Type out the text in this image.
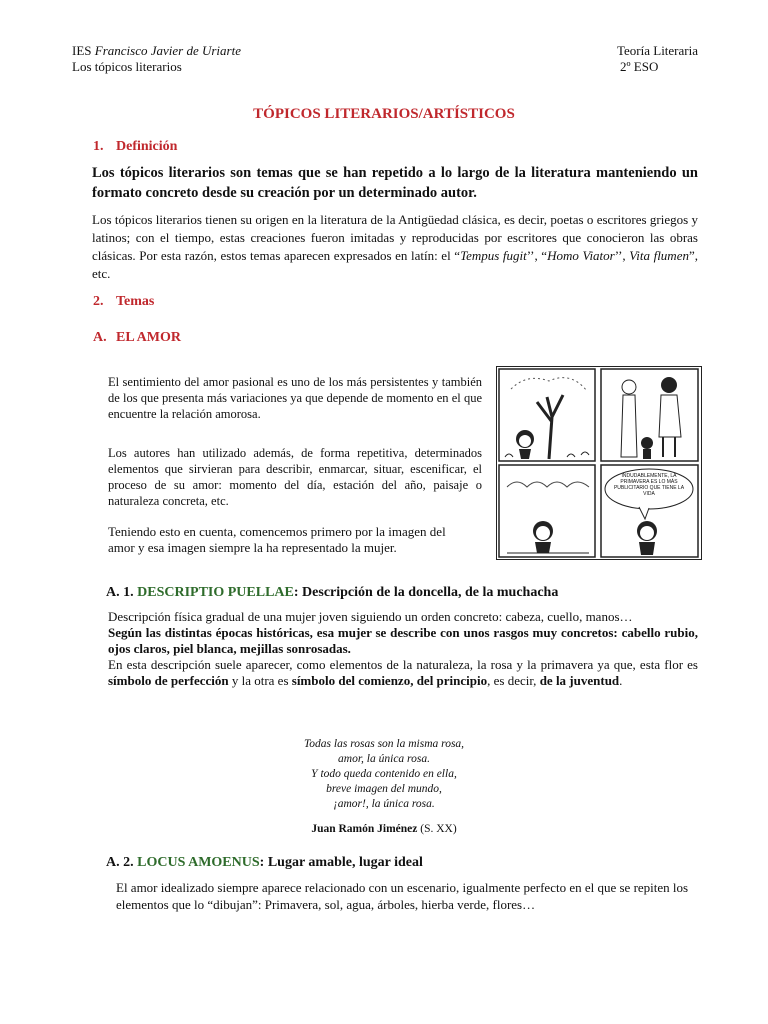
IES Francisco Javier de Uriarte
Los tópicos literarios
Teoría Literaria
2º ESO
TÓPICOS LITERARIOS/ARTÍSTICOS
1. Definición
Los tópicos literarios son temas que se han repetido a lo largo de la literatura manteniendo un formato concreto desde su creación por un determinado autor.
Los tópicos literarios tienen su origen en la literatura de la Antigüedad clásica, es decir, poetas o escritores griegos y latinos; con el tiempo, estas creaciones fueron imitadas y reproducidas por escritores que conocieron las obras clásicas. Por esta razón, estos temas aparecen expresados en latín: el “Tempus fugit’’, “Homo Viator’’, Vita flumen”, etc.
2. Temas
A. EL AMOR
El sentimiento del amor pasional es uno de los más persistentes y también de los que presenta más variaciones ya que depende de momento en el que encuentre la relación amorosa.
Los autores han utilizado además, de forma repetitiva, determinados elementos que sirvieran para describir, enmarcar, situar, escenificar, el proceso de su amor: momento del día, estación del año, paisaje o naturaleza concreta, etc.
Teniendo esto en cuenta, comencemos primero por la imagen del amor y esa imagen siempre la ha representado la mujer.
INDUDABLEMENTE, LA PRIMAVERA ES LO MÁS PUBLICITARIO QUE TIENE LA VIDA
A. 1. DESCRIPTIO PUELLAE: Descripción de la doncella, de la muchacha
Descripción física gradual de una mujer joven siguiendo un orden concreto: cabeza, cuello, manos…
Según las distintas épocas históricas, esa mujer se describe con unos rasgos muy concretos: cabello rubio, ojos claros, piel blanca, mejillas sonrosadas.
En esta descripción suele aparecer, como elementos de la naturaleza, la rosa y la primavera ya que, esta flor es símbolo de perfección y la otra es símbolo del comienzo, del principio, es decir, de la juventud.
Todas las rosas son la misma rosa,
amor, la única rosa.
Y todo queda contenido en ella,
breve imagen del mundo,
¡amor!, la única rosa.
Juan Ramón Jiménez (S. XX)
A. 2. LOCUS AMOENUS: Lugar amable, lugar ideal
El amor idealizado siempre aparece relacionado con un escenario, igualmente perfecto en el que se repiten los elementos que lo “dibujan”: Primavera, sol, agua, árboles, hierba verde, flores…
